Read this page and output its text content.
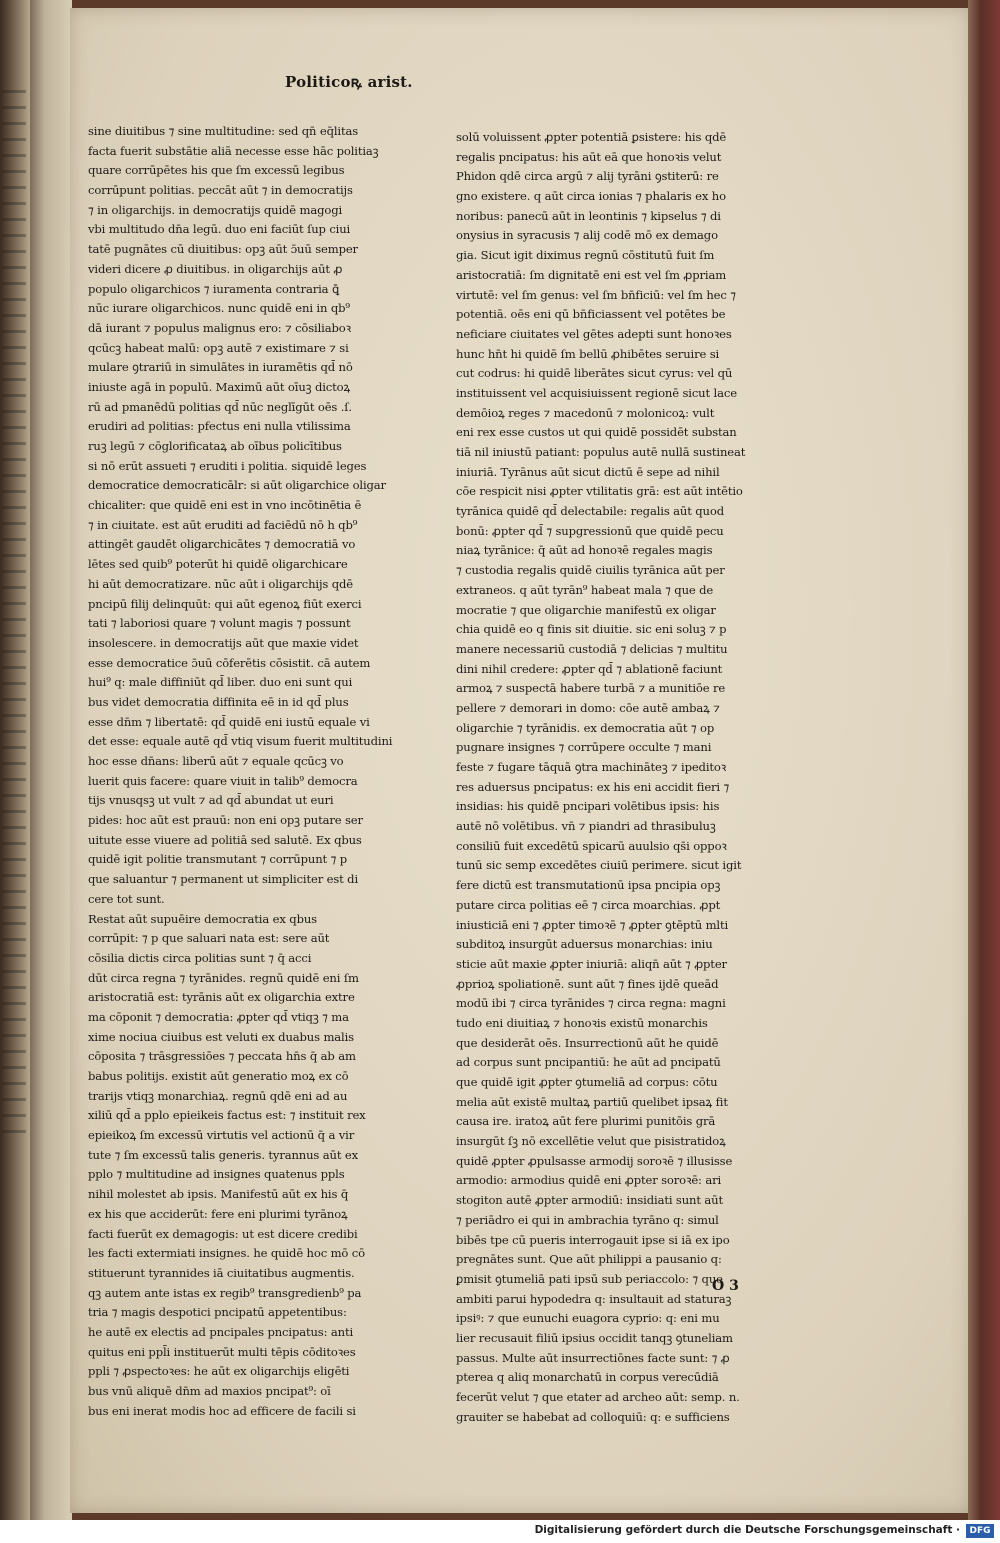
Politicoꝶ arist.
sine diuitibus ⁊ sine multitudine: sed qn̄ eq̄litas
facta fuerit substātie aliā necesse esse hāc politiaꝫ
quare corrūpētes his que ſm excessū legibus
corrūpunt politias. peccāt aūt ⁊ in democratijs
⁊ in oligarchijs. in democratijs quidē magogi
vbi multitudo dn̄a legū. duo eni faciūt ſup ciui
tatē pugnātes cū diuitibus: opꝫ aūt ɔ̄uū semper
videri dicere ꝓ diuitibus. in oligarchijs aūt ꝓ
populo oligarchicos ⁊ iuramenta contraria ꝗ̄
nūc iurare oligarchicos. nunc quidē eni in qb⁹
dā iurant ⁊ populus malignus ero: ⁊ cōsiliaboꝛ
qcūcꝫ habeat malū: opꝫ autē ⁊ existimare ⁊ si
mulare ꝯtrariū in simulātes in iuramētis qd̄ nō
iniuste agā in populū. Maximū aūt oīuꝫ dictoꝝ
rū ad pmanēdū politias qd̄ nūc neglīgūt oēs .ſ.
erudiri ad politias: pfectus eni nulla vtilissima
ruꝫ legū ⁊ cōglorificataꝝ ab oībus policītibus
si nō erūt assueti ⁊ eruditi i politia. siquidē leges
democratice democraticālr: si aūt oligarchice oligar
chicaliter: que quidē eni est in vno incōtinētia ē
⁊ in ciuitate. est aūt eruditi ad faciēdū nō h qb⁹
attingēt gaudēt oligarchicātes ⁊ democratiā vo
lētes sed quib⁹ poterūt hi quidē oligarchicare
hi aūt democratizare. nūc aūt i oligarchijs qdē
pncipū filij delinquūt: qui aūt egenoꝝ fiūt exerci
tati ⁊ laboriosi quare ⁊ volunt magis ⁊ possunt
insolescere. in democratijs aūt que maxie videt
esse democratice ɔ̄uū cōferētis cōsistit. cā autem
hui⁹ q: male diffiniūt qd̄ liber. duo eni sunt qui
bus videt democratia diffinita eē in id qd̄ plus
esse dn̄m ⁊ libertatē: qd̄ quidē eni iustū equale vi
det esse: equale autē qd̄ vtiq visum fuerit multitudini
hoc esse dn̄ans: liberū aūt ⁊ equale qcūcꝫ vo
luerit quis facere: quare viuit in talib⁹ democra
tijs vnusqsꝫ ut vult ⁊ ad qd̄ abundat ut euri
pides: hoc aūt est prauū: non eni opꝫ putare ser
uitute esse viuere ad politiā sed salutē. Ex qbus
quidē igit politie transmutant ⁊ corrūpunt ⁊ p
que saluantur ⁊ permanent ut simpliciter est di
cere tot sunt.
Restat aūt supuēire democratia ex qbus
corrūpit: ⁊ p que saluari nata est: sere aūt
cōsilia dictis circa politias sunt ⁊ q̄ acci
dūt circa regna ⁊ tyrānides. regnū quidē eni ſm
aristocratiā est: tyrānis aūt ex oligarchia extre
ma cōponit ⁊ democratia: ꝓpter qd̄ vtiqꝫ ⁊ ma
xime nociua ciuibus est veluti ex duabus malis
cōposita ⁊ trāsgressiōes ⁊ peccata hn̄s q̄ ab am
babus politijs. existit aūt generatio moꝝ ex cō
trarijs vtiqꝫ monarchiaꝝ. regnū qdē eni ad au
xiliū qd̄ a pplo epieikeis factus est: ⁊ instituit rex
epieikoꝝ ſm excessū virtutis vel actionū q̄ a vir
tute ⁊ ſm excessū talis generis. tyrannus aūt ex
pplo ⁊ multitudine ad insignes quatenus ppls
nihil molestet ab ipsis. Manifestū aūt ex his q̄
ex his que acciderūt: fere eni plurimi tyrānoꝝ
facti fuerūt ex demagogis: ut est dicere credibi
les facti extermiati insignes. he quidē hoc mō cō
stituerunt tyrannides iā ciuitatibus augmentis.
qꝫ autem ante istas ex regib⁹ transgredienb⁹ pa
tria ⁊ magis despotici pncipatū appetentibus:
he autē ex electis ad pncipales pncipatus: anti
quitus eni ppl̄i instituerūt multi tēpis cōditoꝛes
ppli ⁊ ꝓspectoꝛes: he aūt ex oligarchijs eligēti
bus vnū aliquē dn̄m ad maxios pncipat⁹: oī
bus eni inerat modis hoc ad efficere de facili si
solū voluissent ꝓpter potentiā ꝑsistere: his qdē
regalis pncipatus: his aūt eā que honoꝛis velut
Phidon qdē circa argū ⁊ alij tyrāni ꝯstiterū: re
gno existere. q aūt circa ionias ⁊ phalaris ex ho
noribus: panecū aūt in leontinis ⁊ kipselus ⁊ di
onysius in syracusis ⁊ alij codē mō ex demago
gia. Sicut igit diximus regnū cōstitutū fuit ſm
aristocratiā: ſm dignitatē eni est vel ſm ꝓpriam
virtutē: vel ſm genus: vel ſm bn̄ficiū: vel ſm hec ⁊
potentiā. oēs eni qū bn̄ficiassent vel potētes be
neficiare ciuitates vel gētes adepti sunt honoꝛes
hunc hn̄t hi quidē ſm bellū ꝓhibētes seruire si
cut codrus: hi quidē liberātes sicut cyrus: vel qū
instituissent vel acquisiuissent regionē sicut lace
demōioꝝ reges ⁊ macedonū ⁊ molonicoꝝ: vult
eni rex esse custos ut qui quidē possidēt substan
tiā nil iniustū patiant: populus autē nullā sustineat
iniuriā. Tyrānus aūt sicut dictū ē sepe ad nihil
cōe respicit nisi ꝓpter vtilitatis grā: est aūt intētio
tyrānica quidē qd̄ delectabile: regalis aūt quod
bonū: ꝓpter qd̄ ⁊ supgressionū que quidē pecu
niaꝝ tyrānice: q̄ aūt ad honoꝛē regales magis
⁊ custodia regalis quidē ciuilis tyrānica aūt per
extraneos. q aūt tyrān⁹ habeat mala ⁊ que de
mocratie ⁊ que oligarchie manifestū ex oligar
chia quidē eo q finis sit diuitie. sic eni soluꝫ ⁊ p
manere necessariū custodiā ⁊ delicias ⁊ multitu
dini nihil credere: ꝓpter qd̄ ⁊ ablationē faciunt
armoꝝ ⁊ suspectā habere turbā ⁊ a munitiōe re
pellere ⁊ demorari in domo: cōe autē ambaꝝ ⁊
oligarchie ⁊ tyrānidis. ex democratia aūt ⁊ op
pugnare insignes ⁊ corrūpere occulte ⁊ mani
feste ⁊ fugare tāquā ꝯtra machināteꝫ ⁊ ipeditoꝛ
res aduersus pncipatus: ex his eni accidit fieri ⁊
insidias: his quidē pncipari volētibus ipsis: his
autē nō volētibus. vn̄ ⁊ piandri ad thrasibuluꝫ
consiliū fuit excedētū spicarū auulsio qs̄i oppoꝛ
tunū sic semp excedētes ciuiū perimere. sicut igit
fere dictū est transmutationū ipsa pncipia opꝫ
putare circa politias eē ⁊ circa moarchias. ꝓpt
iniusticiā eni ⁊ ꝓpter timoꝛē ⁊ ꝓpter ꝯtēptū mlti
subditoꝝ insurgūt aduersus monarchias: iniu
sticie aūt maxie ꝓpter iniuriā: aliqn̄ aūt ⁊ ꝓpter
ꝓprioꝝ spoliationē. sunt aūt ⁊ fines ijdē queād
modū ibi ⁊ circa tyrānides ⁊ circa regna: magni
tudo eni diuitiaꝝ ⁊ honoꝛis existū monarchis
que desiderāt oēs. Insurrectionū aūt he quidē
ad corpus sunt pncipantiū: he aūt ad pncipatū
que quidē igit ꝓpter ꝯtumeliā ad corpus: cōtu
melia aūt existē multaꝝ partiū quelibet ipsaꝝ fit
causa ire. iratoꝝ aūt fere plurimi punitōis grā
insurgūt ſꝫ nō excellētie velut que pisistratidoꝝ
quidē ꝓpter ꝓpulsasse armodij soroꝛē ⁊ illusisse
armodio: armodius quidē eni ꝓpter soroꝛē: ari
stogiton autē ꝓpter armodiū: insidiati sunt aūt
⁊ periādro ei qui in ambrachia tyrāno q: simul
bibēs tpe cū pueris interrogauit ipse si iā ex ipo
pregnātes sunt. Que aūt philippi a pausanio q:
ꝑmisit ꝯtumeliā pati ipsū sub periaccolo: ⁊ que
ambiti parui hypodedra q: insultauit ad staturaꝫ
ipsiꝰ: ⁊ que eunuchi euagora cyprio: q: eni mu
lier recusauit filiū ipsius occidit tanqꝫ ꝯtuneliam
passus. Multe aūt insurrectiōnes facte sunt: ⁊ ꝓ
pterea q aliq monarchatū in corpus verecūdiā
fecerūt velut ⁊ que etater ad archeo aūt: semp. n.
grauiter se habebat ad colloquiū: q: e sufficiens
O 3
Digitalisierung gefördert durch die Deutsche Forschungsgemeinschaft ·	DFG
